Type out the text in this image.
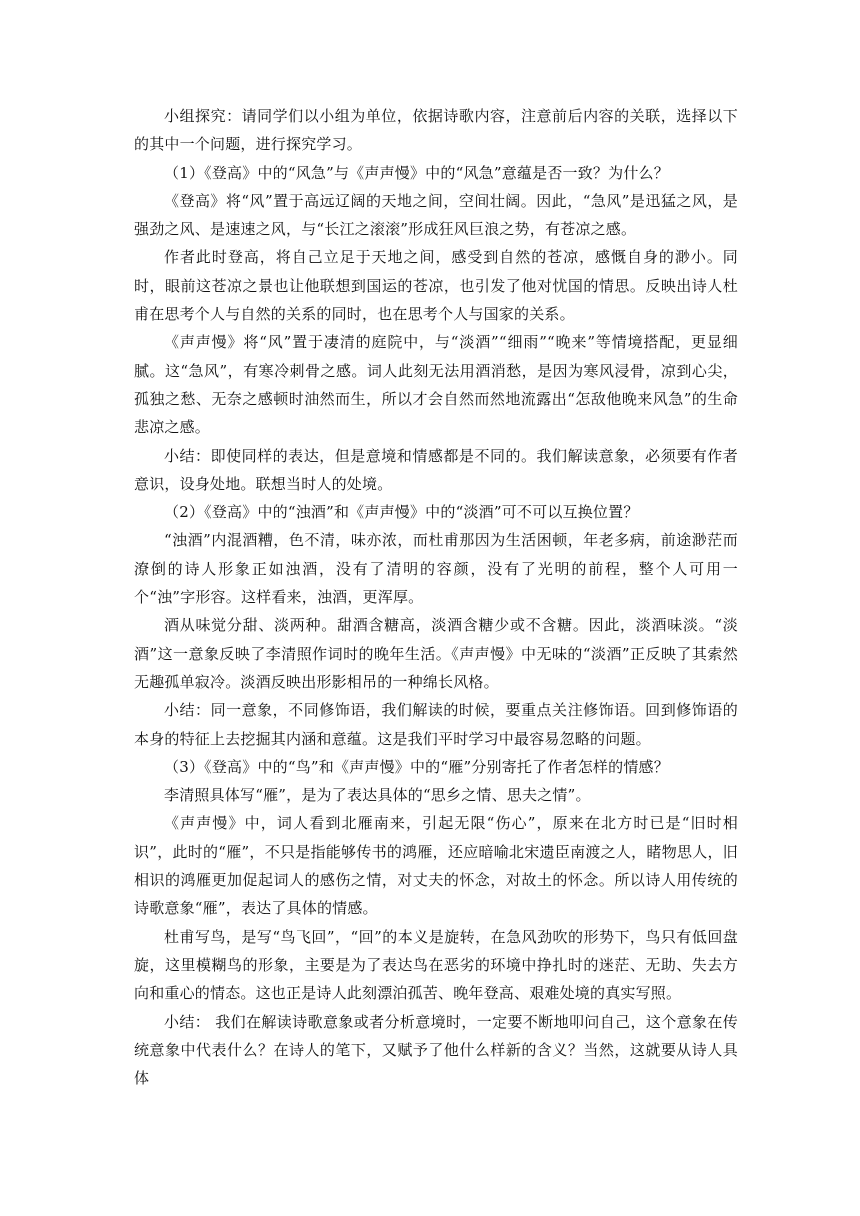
小组探究：请同学们以小组为单位，依据诗歌内容，注意前后内容的关联，选择以下的其中一个问题，进行探究学习。

（1）《登高》中的“风急”与《声声慢》中的“风急”意蕴是否一致？为什么？

《登高》将“风”置于高远辽阔的天地之间，空间壮阔。因此，“急风”是迅猛之风，是强劲之风、是速速之风，与“长江之滚滚”形成狂风巨浪之势，有苍凉之感。

作者此时登高，将自己立足于天地之间，感受到自然的苍凉，感慨自身的渺小。同时，眼前这苍凉之景也让他联想到国运的苍凉，也引发了他对忧国的情思。反映出诗人杜甫在思考个人与自然的关系的同时，也在思考个人与国家的关系。

《声声慢》将“风”置于凄清的庭院中，与“淡酒”“细雨”“晚来”等情境搭配，更显细腻。这“急风”，有寒冷刺骨之感。词人此刻无法用酒消愁，是因为寒风浸骨，凉到心尖，孤独之愁、无奈之感顿时油然而生，所以才会自然而然地流露出“怎敌他晚来风急”的生命悲凉之感。

小结：即使同样的表达，但是意境和情感都是不同的。我们解读意象，必须要有作者意识，设身处地。联想当时人的处境。

（2）《登高》中的“浊酒”和《声声慢》中的“淡酒”可不可以互换位置？

“浊酒”内混酒糟，色不清，味亦浓，而杜甫那因为生活困顿，年老多病，前途渺茫而潦倒的诗人形象正如浊酒，没有了清明的容颜，没有了光明的前程，整个人可用一个“浊”字形容。这样看来，浊酒，更浑厚。

酒从味觉分甜、淡两种。甜酒含糖高，淡酒含糖少或不含糖。因此，淡酒味淡。“淡酒”这一意象反映了李清照作词时的晚年生活。《声声慢》中无味的“淡酒”正反映了其索然无趣孤单寂冷。淡酒反映出形影相吊的一种绵长风格。

小结：同一意象，不同修饰语，我们解读的时候，要重点关注修饰语。回到修饰语的本身的特征上去挖掘其内涵和意蕴。这是我们平时学习中最容易忽略的问题。

（3）《登高》中的“鸟”和《声声慢》中的“雁”分别寄托了作者怎样的情感？

李清照具体写“雁”，是为了表达具体的“思乡之情、思夫之情”。

《声声慢》中，词人看到北雁南来，引起无限“伤心”，原来在北方时已是“旧时相识”，此时的“雁”，不只是指能够传书的鸿雁，还应暗喻北宋遗臣南渡之人，睹物思人，旧相识的鸿雁更加促起词人的感伤之情，对丈夫的怀念，对故土的怀念。所以诗人用传统的诗歌意象“雁”，表达了具体的情感。

杜甫写鸟，是写“鸟飞回”，“回”的本义是旋转，在急风劲吹的形势下，鸟只有低回盘旋，这里模糊鸟的形象，主要是为了表达鸟在恶劣的环境中挣扎时的迷茫、无助、失去方向和重心的情态。这也正是诗人此刻漂泊孤苦、晚年登高、艰难处境的真实写照。

小结： 我们在解读诗歌意象或者分析意境时，一定要不断地叩问自己，这个意象在传统意象中代表什么？在诗人的笔下，又赋予了他什么样新的含义？当然，这就要从诗人具体
